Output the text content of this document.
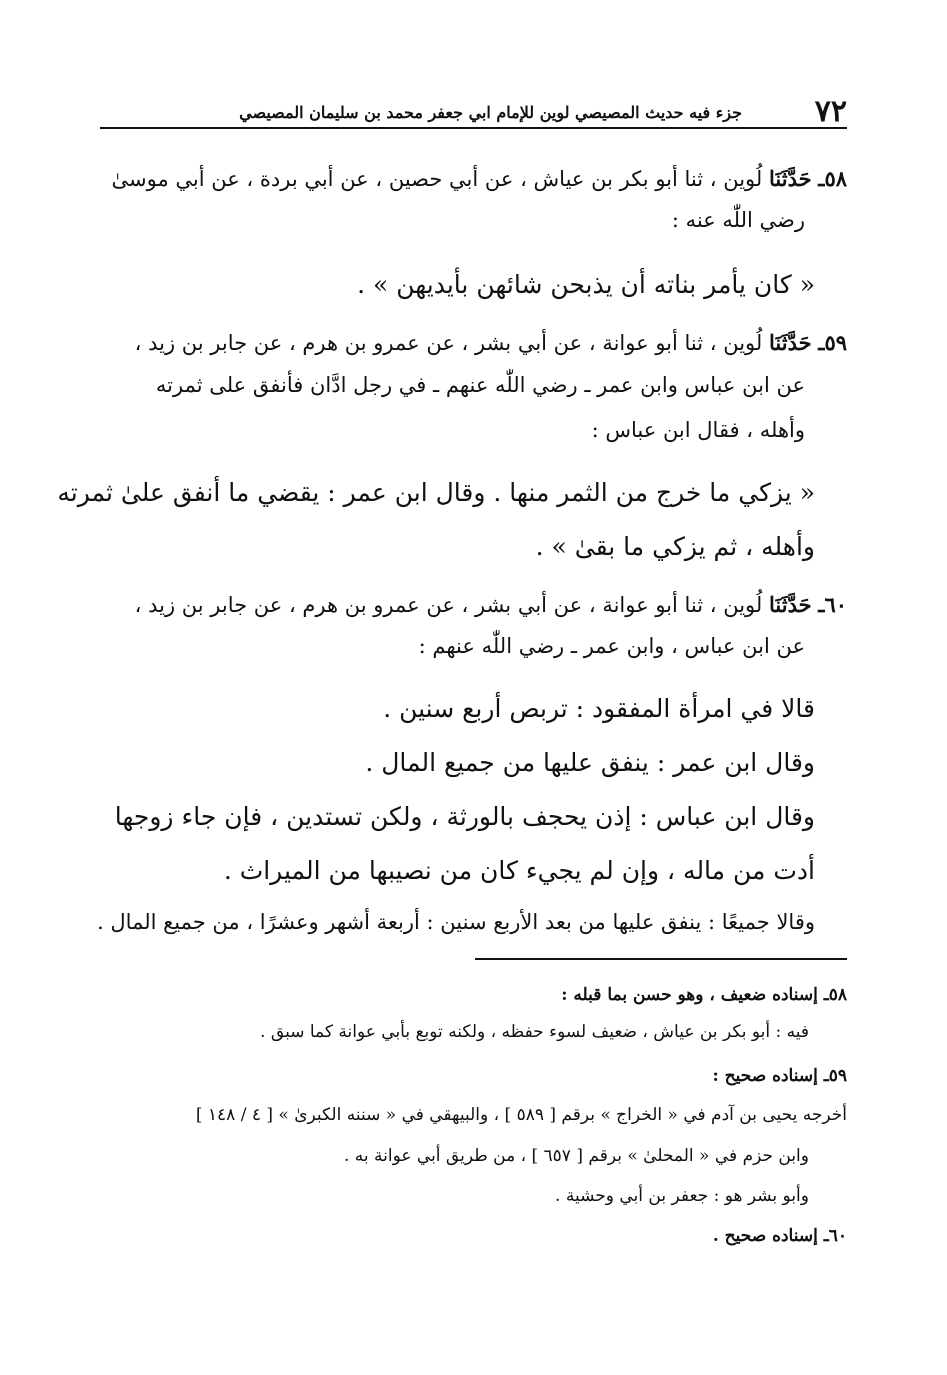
٧٢
جزء فيه حديث المصيصي لوين للإمام ابي جعفر محمد بن سليمان المصيصي
٥٨ـ حَدَّثَنَا لُوين ، ثنا أبو بكر بن عياش ، عن أبي حصين ، عن أبي بردة ، عن أبي موسىٰ
رضي اللّٰه عنه :
« كان يأمر بناته أن يذبحن شائهن بأيديهن » .
٥٩ـ حَدَّثَنَا لُوين ، ثنا أبو عوانة ، عن أبي بشر ، عن عمرو بن هرم ، عن جابر بن زيد ،
عن ابن عباس وابن عمر ـ رضي اللّٰه عنهم ـ في رجل ادَّان فأنفق على ثمرته
وأهله ، فقال ابن عباس :
« يزكي ما خرج من الثمر منها . وقال ابن عمر : يقضي ما أنفق علىٰ ثمرته
وأهله ، ثم يزكي ما بقىٰ » .
٦٠ـ حَدَّثَنَا لُوين ، ثنا أبو عوانة ، عن أبي بشر ، عن عمرو بن هرم ، عن جابر بن زيد ،
عن ابن عباس ، وابن عمر ـ رضي اللّٰه عنهم :
قالا في امرأة المفقود : تربص أربع سنين .
وقال ابن عمر : ينفق عليها من جميع المال .
وقال ابن عباس : إذن يحجف بالورثة ، ولكن تستدين ، فإن جاء زوجها
أدت من ماله ، وإن لم يجيء كان من نصيبها من الميراث .
وقالا جميعًا : ينفق عليها من بعد الأربع سنين : أربعة أشهر وعشرًا ، من جميع المال .
٥٨ـ إسناده ضعيف ، وهو حسن بما قبله :
فيه : أبو بكر بن عياش ، ضعيف لسوء حفظه ، ولكنه توبع بأبي عوانة كما سبق .
٥٩ـ إسناده صحيح :
أخرجه يحيى بن آدم في « الخراج » برقم [ ٥٨٩ ] ، والبيهقي في « سننه الكبرىٰ » [ ٤ / ١٤٨ ]
وابن حزم في « المحلىٰ » برقم [ ٦٥٧ ] ، من طريق أبي عوانة به .
وأبو بشر هو : جعفر بن أبي وحشية .
٦٠ـ إسناده صحيح .
